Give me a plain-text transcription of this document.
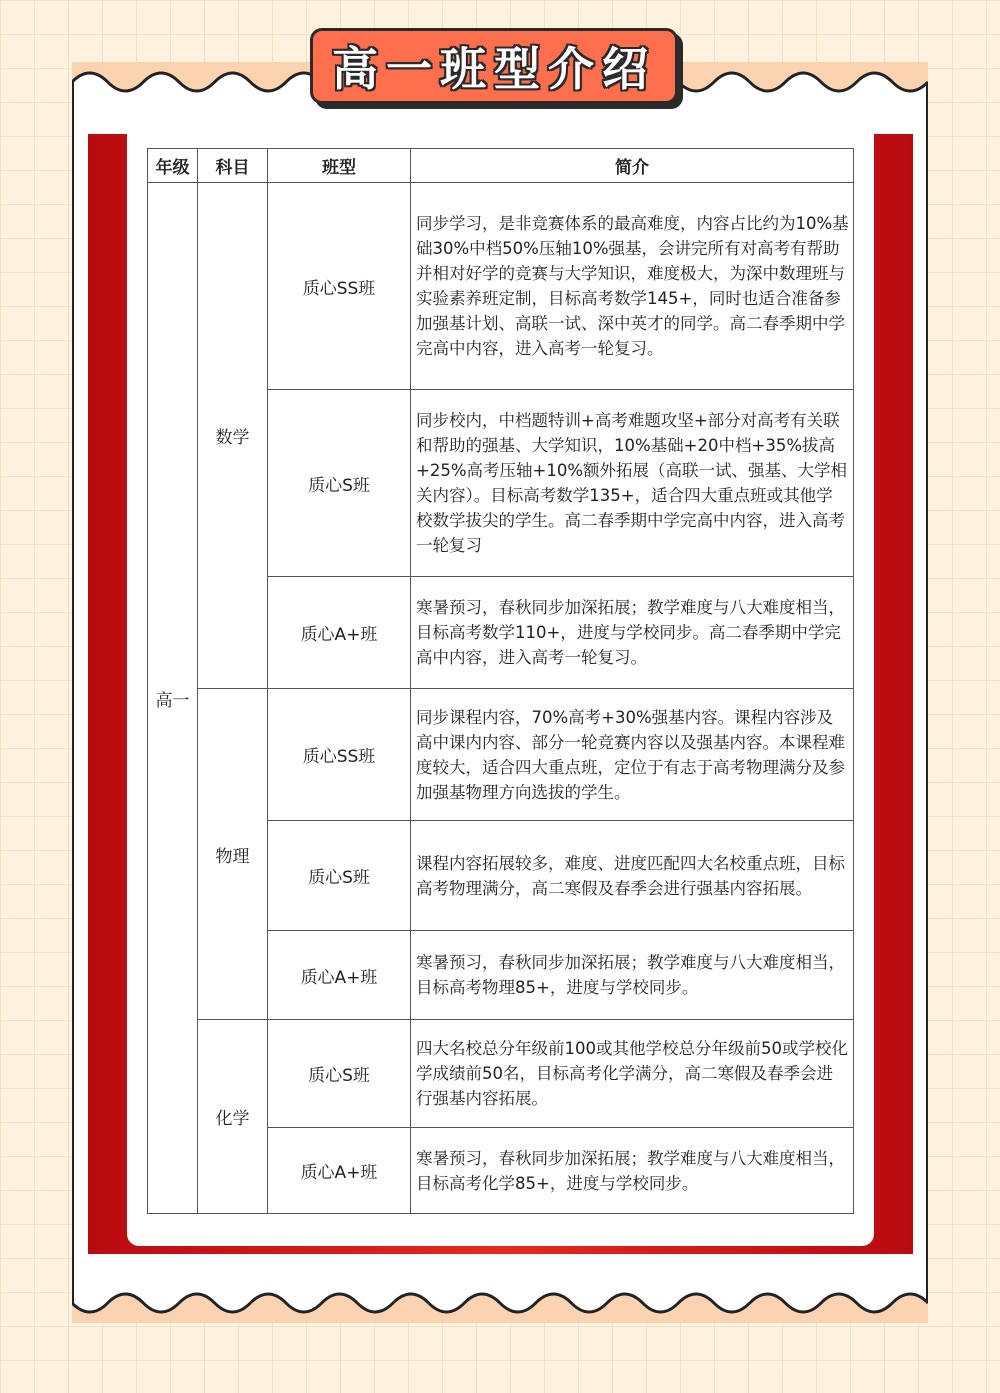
高一班型介绍
年级	科目	班型	简介
高一	数学	质心SS班	同步学习，是非竞赛体系的最高难度，内容占比约为10%基础30%中档50%压轴10%强基，会讲完所有对高考有帮助并相对好学的竞赛与大学知识，难度极大，为深中数理班与实验素养班定制，目标高考数学145+，同时也适合准备参加强基计划、高联一试、深中英才的同学。高二春季期中学完高中内容，进入高考一轮复习。
		质心S班	同步校内，中档题特训+高考难题攻坚+部分对高考有关联和帮助的强基、大学知识，10%基础+20中档+35%拔高+25%高考压轴+10%额外拓展（高联一试、强基、大学相关内容）。目标高考数学135+，适合四大重点班或其他学校数学拔尖的学生。高二春季期中学完高中内容，进入高考一轮复习
		质心A+班	寒暑预习，春秋同步加深拓展；教学难度与八大难度相当，目标高考数学110+，进度与学校同步。高二春季期中学完高中内容，进入高考一轮复习。
	物理	质心SS班	同步课程内容，70%高考+30%强基内容。课程内容涉及高中课内内容、部分一轮竞赛内容以及强基内容。本课程难度较大，适合四大重点班，定位于有志于高考物理满分及参加强基物理方向选拔的学生。
		质心S班	课程内容拓展较多，难度、进度匹配四大名校重点班，目标高考物理满分，高二寒假及春季会进行强基内容拓展。
		质心A+班	寒暑预习，春秋同步加深拓展；教学难度与八大难度相当，目标高考物理85+，进度与学校同步。
	化学	质心S班	四大名校总分年级前100或其他学校总分年级前50或学校化学成绩前50名，目标高考化学满分，高二寒假及春季会进行强基内容拓展。
		质心A+班	寒暑预习，春秋同步加深拓展；教学难度与八大难度相当，目标高考化学85+，进度与学校同步。
